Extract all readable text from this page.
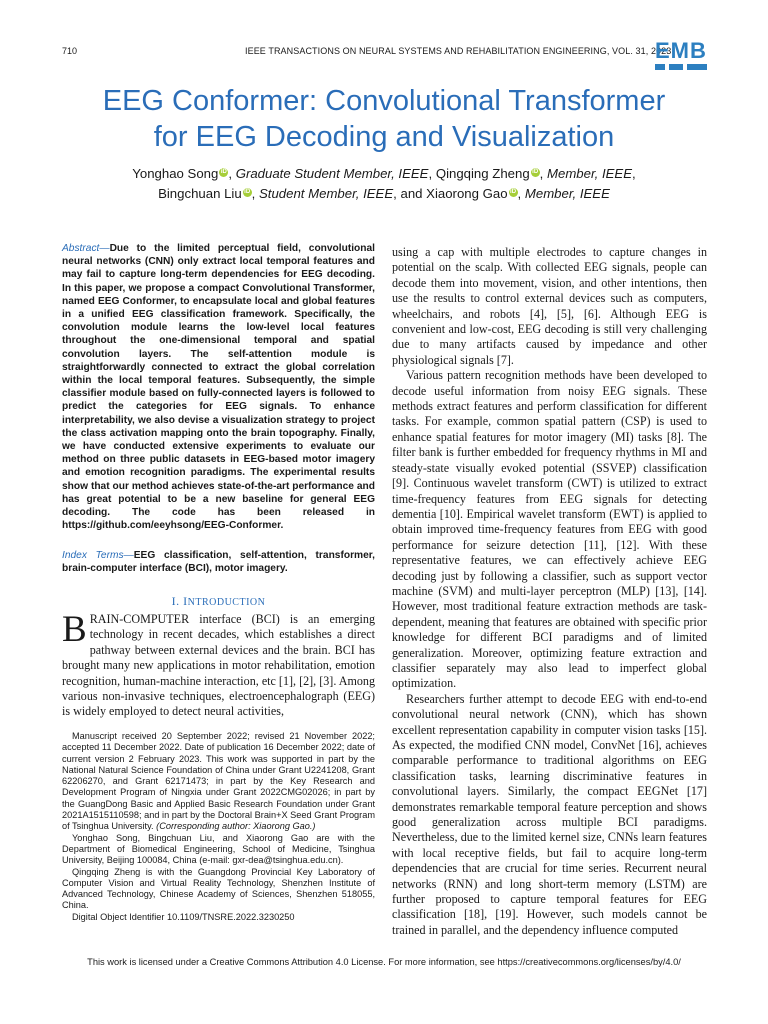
710	IEEE TRANSACTIONS ON NEURAL SYSTEMS AND REHABILITATION ENGINEERING, VOL. 31, 2023
EMB
EEG Conformer: Convolutional Transformer
for EEG Decoding and Visualization
Yonghao Song iD , Graduate Student Member, IEEE, Qingqing Zheng iD , Member, IEEE,
Bingchuan Liu iD , Student Member, IEEE, and Xiaorong Gao iD , Member, IEEE
Abstract—Due to the limited perceptual field, convolutional neural networks (CNN) only extract local temporal features and may fail to capture long-term dependencies for EEG decoding. In this paper, we propose a compact Convolutional Transformer, named EEG Conformer, to encapsulate local and global features in a unified EEG classification framework. Specifically, the convolution module learns the low-level local features throughout the one-dimensional temporal and spatial convolution layers. The self-attention module is straightforwardly connected to extract the global correlation within the local temporal features. Subsequently, the simple classifier module based on fully-connected layers is followed to predict the categories for EEG signals. To enhance interpretability, we also devise a visualization strategy to project the class activation mapping onto the brain topography. Finally, we have conducted extensive experiments to evaluate our method on three public datasets in EEG-based motor imagery and emotion recognition paradigms. The experimental results show that our method achieves state-of-the-art performance and has great potential to be a new baseline for general EEG decoding. The code has been released in https://github.com/eeyhsong/EEG-Conformer.
Index Terms—EEG classification, self-attention, transformer, brain-computer interface (BCI), motor imagery.
I. INTRODUCTION

BRAIN-COMPUTER interface (BCI) is an emerging technology in recent decades, which establishes a direct pathway between external devices and the brain. BCI has brought many new applications in motor rehabilitation, emotion recognition, human-machine interaction, etc [1], [2], [3]. Among various non-invasive techniques, electroencephalograph (EEG) is widely employed to detect neural activities,

Manuscript received 20 September 2022; revised 21 November 2022; accepted 11 December 2022. Date of publication 16 December 2022; date of current version 2 February 2023. This work was supported in part by the National Natural Science Foundation of China under Grant U2241208, Grant 62206270, and Grant 62171473; in part by the Key Research and Development Program of Ningxia under Grant 2022CMG02026; in part by the GuangDong Basic and Applied Basic Research Foundation under Grant 2021A1515110598; and in part by the Doctoral Brain+X Seed Grant Program of Tsinghua University. (Corresponding author: Xiaorong Gao.)

Yonghao Song, Bingchuan Liu, and Xiaorong Gao are with the Department of Biomedical Engineering, School of Medicine, Tsinghua University, Beijing 100084, China (e-mail: gxr-dea@tsinghua.edu.cn).

Qingqing Zheng is with the Guangdong Provincial Key Laboratory of Computer Vision and Virtual Reality Technology, Shenzhen Institute of Advanced Technology, Chinese Academy of Sciences, Shenzhen 518055, China.

Digital Object Identifier 10.1109/TNSRE.2022.3230250

using a cap with multiple electrodes to capture changes in potential on the scalp. With collected EEG signals, people can decode them into movement, vision, and other intentions, then use the results to control external devices such as computers, wheelchairs, and robots [4], [5], [6]. Although EEG is convenient and low-cost, EEG decoding is still very challenging due to many artifacts caused by impedance and other physiological signals [7].

Various pattern recognition methods have been developed to decode useful information from noisy EEG signals. These methods extract features and perform classification for different tasks. For example, common spatial pattern (CSP) is used to enhance spatial features for motor imagery (MI) tasks [8]. The filter bank is further embedded for frequency rhythms in MI and steady-state visually evoked potential (SSVEP) classification [9]. Continuous wavelet transform (CWT) is utilized to extract time-frequency features from EEG signals for detecting dementia [10]. Empirical wavelet transform (EWT) is applied to obtain improved time-frequency features from EEG with good performance for seizure detection [11], [12]. With these representative features, we can effectively achieve EEG decoding just by following a classifier, such as support vector machine (SVM) and multi-layer perceptron (MLP) [13], [14]. However, most traditional feature extraction methods are task-dependent, meaning that features are obtained with specific prior knowledge for different BCI paradigms and of limited generalization. Moreover, optimizing feature extraction and classifier separately may also lead to imperfect global optimization.

Researchers further attempt to decode EEG with end-to-end convolutional neural network (CNN), which has shown excellent representation capability in computer vision tasks [15]. As expected, the modified CNN model, ConvNet [16], achieves comparable performance to traditional algorithms on EEG classification tasks, learning discriminative features in convolutional layers. Similarly, the compact EEGNet [17] demonstrates remarkable temporal feature perception and shows good generalization across multiple BCI paradigms. Nevertheless, due to the limited kernel size, CNNs learn features with local receptive fields, but fail to acquire long-term dependencies that are crucial for time series. Recurrent neural networks (RNN) and long short-term memory (LSTM) are further proposed to capture temporal features for EEG classification [18], [19]. However, such models cannot be trained in parallel, and the dependency influence computed

This work is licensed under a Creative Commons Attribution 4.0 License. For more information, see https://creativecommons.org/licenses/by/4.0/
